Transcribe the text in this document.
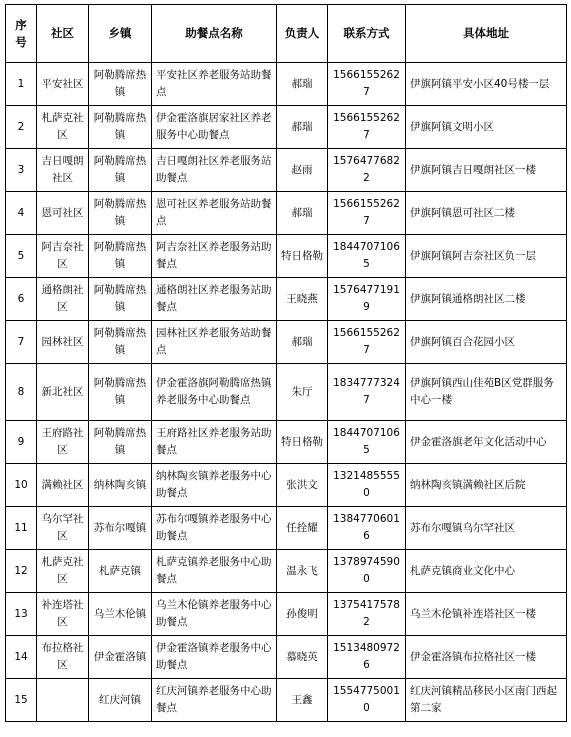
序号	社区	乡镇	助餐点名称	负责人	联系方式	具体地址
1	平安社区	阿勒腾席热镇	平安社区养老服务站助餐点	郝瑞	15661552627	伊旗阿镇平安小区40号楼一层
2	札萨克社区	阿勒腾席热镇	伊金霍洛旗居家社区养老服务中心助餐点	郝瑞	15661552627	伊旗阿镇文明小区
3	吉日嘎朗社区	阿勒腾席热镇	吉日嘎朗社区养老服务站助餐点	赵雨	15764776822	伊旗阿镇吉日嘎朗社区一楼
4	恩可社区	阿勒腾席热镇	恩可社区养老服务站助餐点	郝瑞	15661552627	伊旗阿镇恩可社区二楼
5	阿吉奈社区	阿勒腾席热镇	阿吉奈社区养老服务站助餐点	特日格勒	18447071065	伊旗阿镇阿吉奈社区负一层
6	通格朗社区	阿勒腾席热镇	通格朗社区养老服务站助餐点	王晓燕	15764771919	伊旗阿镇通格朗社区二楼
7	园林社区	阿勒腾席热镇	园林社区养老服务站助餐点	郝瑞	15661552627	伊旗阿镇百合花园小区
8	新北社区	阿勒腾席热镇	伊金霍洛旗阿勒腾席热镇养老服务中心助餐点	朱厅	18347773247	伊旗阿镇西山佳苑B区党群服务中心一楼
9	王府路社区	阿勒腾席热镇	王府路社区养老服务站助餐点	特日格勒	18447071065	伊金霍洛旗老年文化活动中心
10	满赖社区	纳林陶亥镇	纳林陶亥镇养老服务中心助餐点	张洪文	13214855550	纳林陶亥镇满赖社区后院
11	乌尔罕社区	苏布尔嘎镇	苏布尔嘎镇养老服务中心助餐点	任拴耀	13847706016	苏布尔嘎镇乌尔罕社区
12	札萨克社区	札萨克镇	札萨克镇养老服务中心助餐点	温永飞	13789745900	札萨克镇商业文化中心
13	补连塔社区	乌兰木伦镇	乌兰木伦镇养老服务中心助餐点	孙俊明	13754175782	乌兰木伦镇补连塔社区一楼
14	布拉格社区	伊金霍洛镇	伊金霍洛镇养老服务中心助餐点	慕晓英	15134809726	伊金霍洛镇布拉格社区一楼
15		红庆河镇	红庆河镇养老服务中心助餐点	王鑫	15547750010	红庆河镇精品移民小区南门西起第二家
